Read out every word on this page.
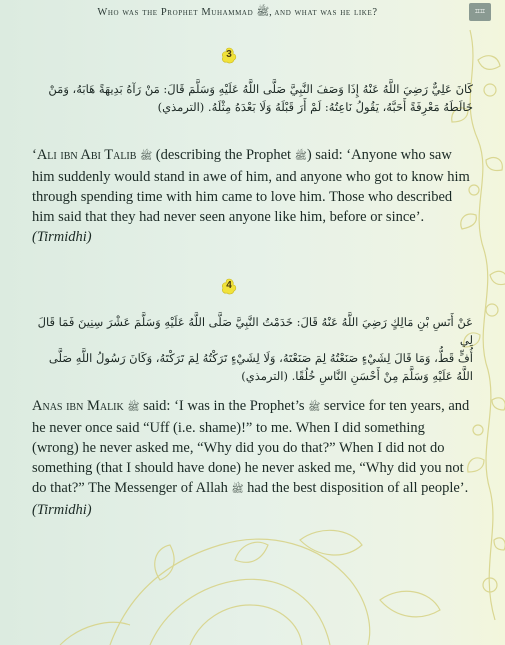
Who was the Prophet Muhammad ﷺ, and what was he like?	⌗⌗
3
كَانَ عَلِيٌّ رَضِيَ اللَّهُ عَنْهُ إِذَا وَصَفَ النَّبِيَّ صَلَّى اللَّهُ عَلَيْهِ وَسَلَّمَ قَالَ: مَنْ رَآهُ بَدِيهَةً هَابَهُ، وَمَنْ
خَالَطَهُ مَعْرِفَةً أَحَبَّهُ، يَقُولُ نَاعِتُهُ: لَمْ أَرَ قَبْلَهُ وَلَا بَعْدَهُ مِثْلَهُ. (الترمذي)
‘Ali ibn Abi Talib ﷺ (describing the Prophet ﷺ) said: ‘Anyone who saw him suddenly would stand in awe of him, and anyone who got to know him through spending time with him came to love him. Those who described him said that they had never seen anyone like him, before or since’. (Tirmidhi)
4
عَنْ أَنَسِ بْنِ مَالِكٍ رَضِيَ اللَّهُ عَنْهُ قَالَ: خَدَمْتُ النَّبِيَّ صَلَّى اللَّهُ عَلَيْهِ وَسَلَّمَ عَشْرَ سِنِينَ فَمَا قَالَ لِي
أُفٍّ قَطُّ، وَمَا قَالَ لِشَيْءٍ صَنَعْتُهُ لِمَ صَنَعْتَهُ، وَلَا لِشَيْءٍ تَرَكْتُهُ لِمَ تَرَكْتَهُ، وَكَانَ رَسُولُ اللَّهِ صَلَّى
اللَّهُ عَلَيْهِ وَسَلَّمَ مِنْ أَحْسَنِ النَّاسِ خُلُقًا. (الترمذي)
Anas ibn Malik ﷺ said: ‘I was in the Prophet’s ﷺ service for ten years, and he never once said “Uff (i.e. shame)!” to me. When I did something (wrong) he never asked me, “Why did you do that?” When I did not do something (that I should have done) he never asked me, “Why did you not do that?” The Messenger of Allah ﷺ had the best disposition of all people’. (Tirmidhi)
